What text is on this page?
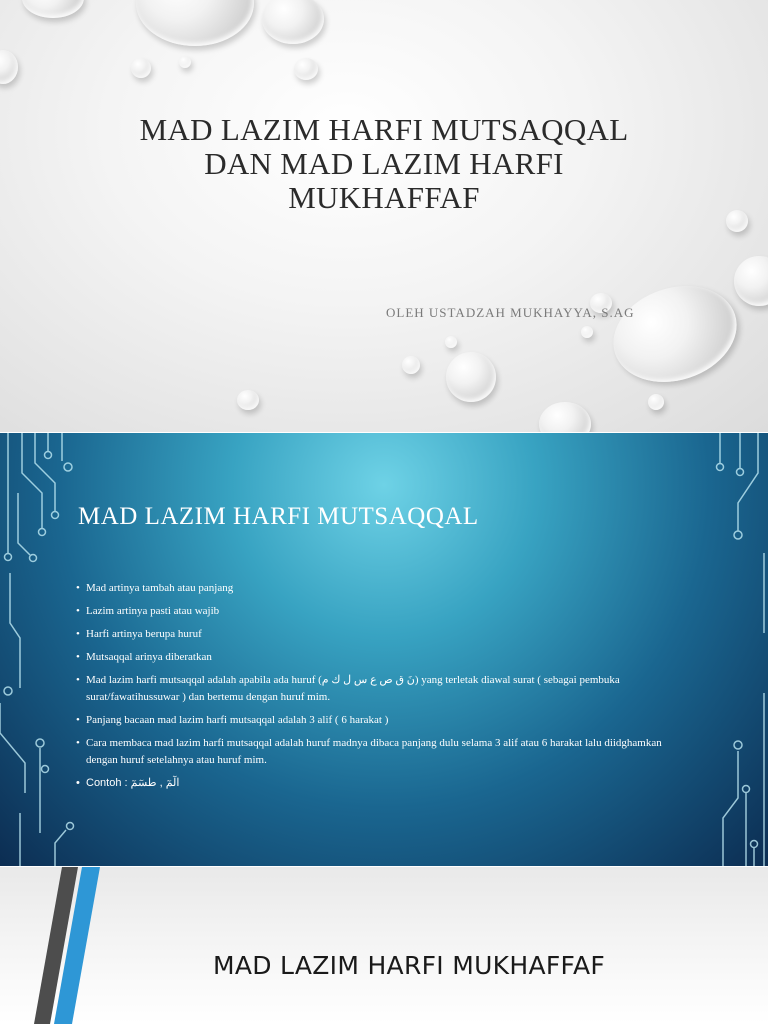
MAD LAZIM HARFI MUTSAQQAL
DAN MAD LAZIM HARFI
MUKHAFFAF
OLEH USTADZAH MUKHAYYA, S.AG
MAD LAZIM HARFI MUTSAQQAL
• Mad artinya tambah atau panjang
• Lazim artinya pasti atau wajib
• Harfi artinya berupa huruf
• Mutsaqqal arinya diberatkan
• Mad lazim harfi mutsaqqal adalah apabila ada huruf (نَ ق ص ع س ل ك م) yang terletak diawal surat ( sebagai pembuka surat/fawatihussuwar ) dan bertemu dengan huruf mim.
• Panjang bacaan mad lazim harfi mutsaqqal adalah 3 alif ( 6 harakat )
• Cara membaca mad lazim harfi mutsaqqal adalah huruf madnya dibaca panjang dulu selama 3 alif atau 6 harakat lalu diidghamkan dengan huruf setelahnya atau huruf mim.
• Contoh : الٓمٓ , طسٓمٓ
MAD LAZIM HARFI MUKHAFFAF
